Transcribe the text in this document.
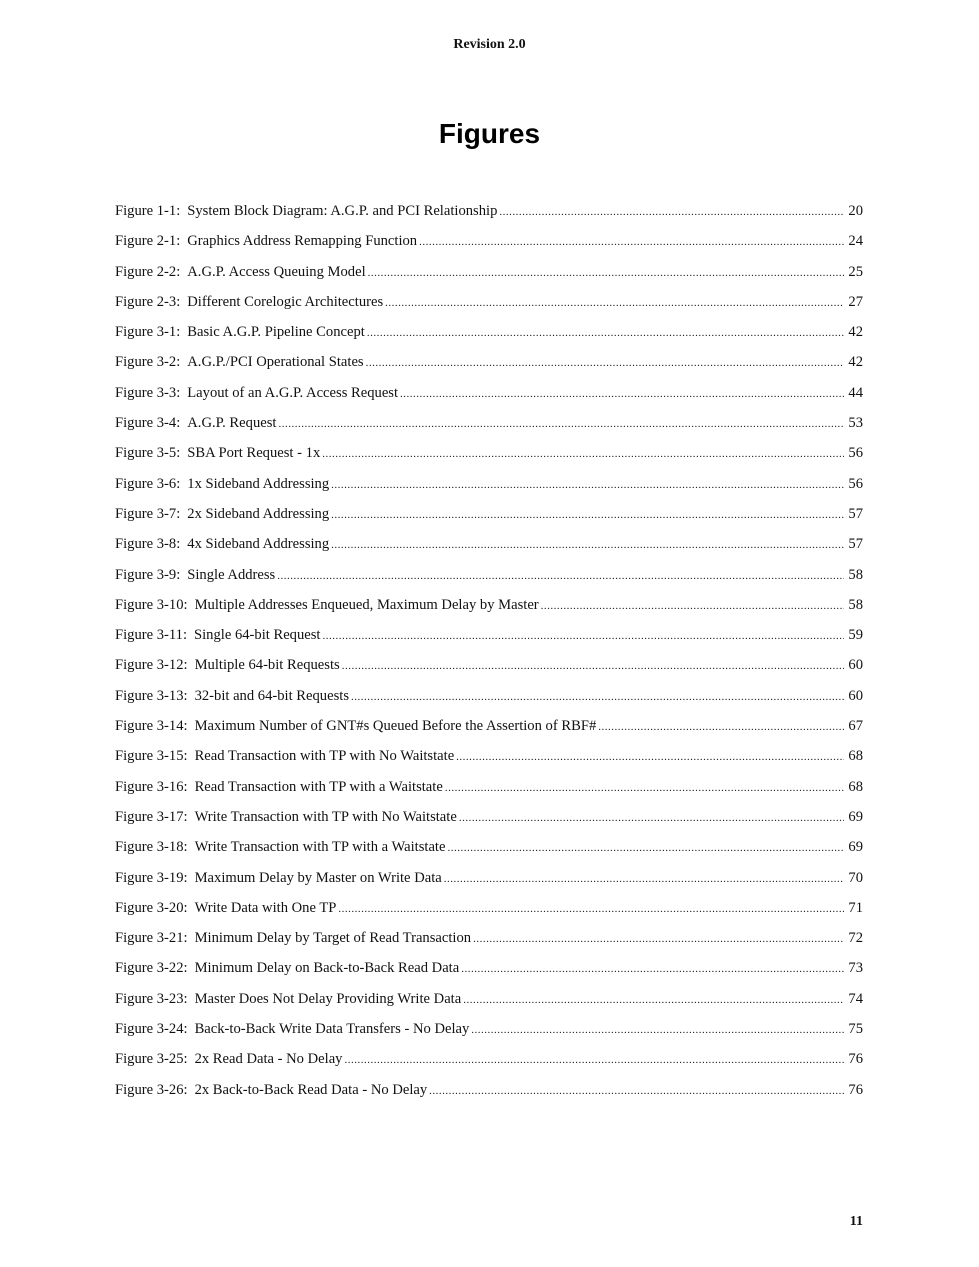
Revision 2.0
Figures
Figure 1-1: System Block Diagram: A.G.P. and PCI Relationship .....	20
Figure 2-1: Graphics Address Remapping Function .....	24
Figure 2-2: A.G.P. Access Queuing Model .....	25
Figure 2-3: Different Corelogic Architectures .....	27
Figure 3-1: Basic A.G.P. Pipeline Concept .....	42
Figure 3-2: A.G.P./PCI Operational States .....	42
Figure 3-3: Layout of an A.G.P. Access Request .....	44
Figure 3-4: A.G.P. Request .....	53
Figure 3-5: SBA Port Request - 1x .....	56
Figure 3-6: 1x Sideband Addressing .....	56
Figure 3-7: 2x Sideband Addressing .....	57
Figure 3-8: 4x Sideband Addressing .....	57
Figure 3-9: Single Address .....	58
Figure 3-10: Multiple Addresses Enqueued, Maximum Delay by Master .....	58
Figure 3-11: Single 64-bit Request .....	59
Figure 3-12: Multiple 64-bit Requests .....	60
Figure 3-13: 32-bit and 64-bit Requests .....	60
Figure 3-14: Maximum Number of GNT#s Queued Before the Assertion of RBF# .....	67
Figure 3-15: Read Transaction with TP with No Waitstate .....	68
Figure 3-16: Read Transaction with TP with a Waitstate .....	68
Figure 3-17: Write Transaction with TP with No Waitstate .....	69
Figure 3-18: Write Transaction with TP with a Waitstate .....	69
Figure 3-19: Maximum Delay by Master on Write Data .....	70
Figure 3-20: Write Data with One TP .....	71
Figure 3-21: Minimum Delay by Target of Read Transaction .....	72
Figure 3-22: Minimum Delay on Back-to-Back Read Data .....	73
Figure 3-23: Master Does Not Delay Providing Write Data .....	74
Figure 3-24: Back-to-Back Write Data Transfers - No Delay .....	75
Figure 3-25: 2x Read Data - No Delay .....	76
Figure 3-26: 2x Back-to-Back Read Data - No Delay .....	76
11
